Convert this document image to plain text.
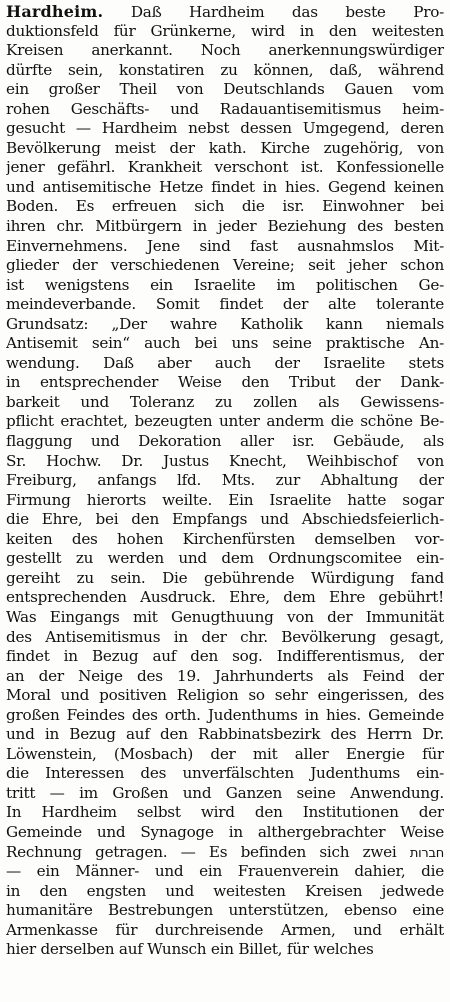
Hardheim. Daß Hardheim das beste Pro-
duktionsfeld für Grünkerne, wird in den weitesten
Kreisen anerkannt. Noch anerkennungswürdiger
dürfte sein, konstatiren zu können, daß, während
ein großer Theil von Deutschlands Gauen vom
rohen Geschäfts- und Radauantisemitismus heim-
gesucht — Hardheim nebst dessen Umgegend, deren
Bevölkerung meist der kath. Kirche zugehörig, von
jener gefährl. Krankheit verschont ist. Konfessionelle
und antisemitische Hetze findet in hies. Gegend keinen
Boden. Es erfreuen sich die isr. Einwohner bei
ihren chr. Mitbürgern in jeder Beziehung des besten
Einvernehmens. Jene sind fast ausnahmslos Mit-
glieder der verschiedenen Vereine; seit jeher schon
ist wenigstens ein Israelite im politischen Ge-
meindeverbande. Somit findet der alte tolerante
Grundsatz: „Der wahre Katholik kann niemals
Antisemit sein“ auch bei uns seine praktische An-
wendung. Daß aber auch der Israelite stets
in entsprechender Weise den Tribut der Dank-
barkeit und Toleranz zu zollen als Gewissens-
pflicht erachtet, bezeugten unter anderm die schöne Be-
flaggung und Dekoration aller isr. Gebäude, als
Sr. Hochw. Dr. Justus Knecht, Weihbischof von
Freiburg, anfangs lfd. Mts. zur Abhaltung der
Firmung hierorts weilte. Ein Israelite hatte sogar
die Ehre, bei den Empfangs und Abschiedsfeierlich-
keiten des hohen Kirchenfürsten demselben vor-
gestellt zu werden und dem Ordnungscomitee ein-
gereiht zu sein. Die gebührende Würdigung fand
entsprechenden Ausdruck. Ehre, dem Ehre gebührt!
Was Eingangs mit Genugthuung von der Immunität
des Antisemitismus in der chr. Bevölkerung gesagt,
findet in Bezug auf den sog. Indifferentismus, der
an der Neige des 19. Jahrhunderts als Feind der
Moral und positiven Religion so sehr eingerissen, des
großen Feindes des orth. Judenthums in hies. Gemeinde
und in Bezug auf den Rabbinatsbezirk des Herrn Dr.
Löwenstein, (Mosbach) der mit aller Energie für
die Interessen des unverfälschten Judenthums ein-
tritt — im Großen und Ganzen seine Anwendung.
In Hardheim selbst wird den Institutionen der
Gemeinde und Synagoge in althergebrachter Weise
Rechnung getragen. — Es befinden sich zwei חברות
— ein Männer- und ein Frauenverein dahier, die
in den engsten und weitesten Kreisen jedwede
humanitäre Bestrebungen unterstützen, ebenso eine
Armenkasse für durchreisende Armen, und erhält
hier derselben auf Wunsch ein Billet, für welches
